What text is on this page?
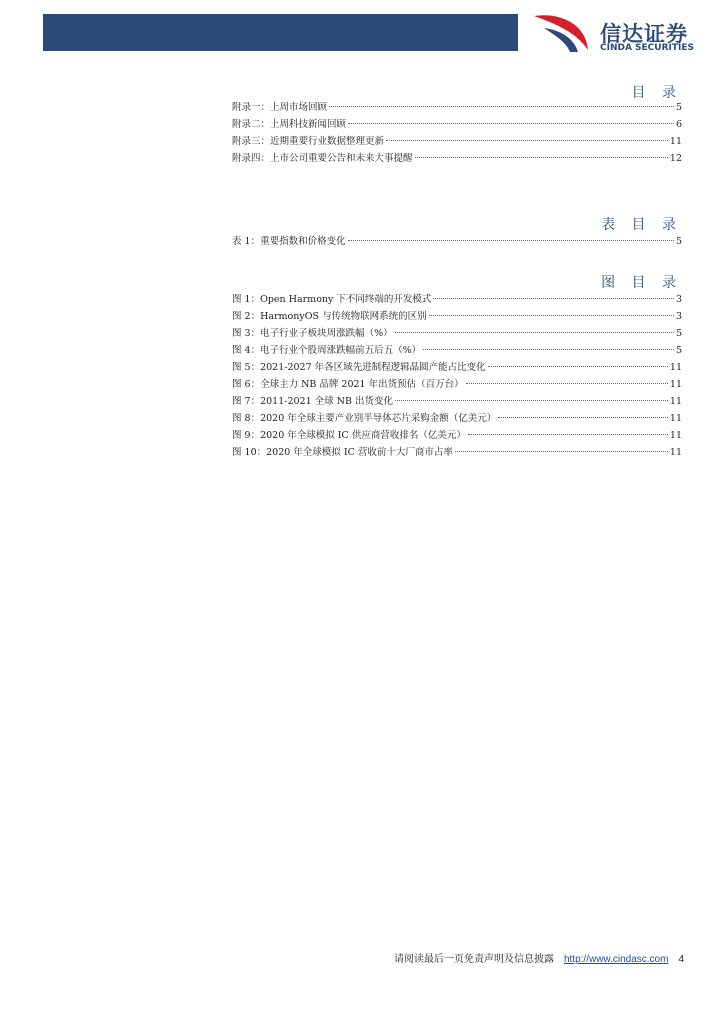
信达证券
CINDA SECURITIES
目 录
附录一：上周市场回顾	5
附录二：上周科技新闻回顾	6
附录三：近期重要行业数据整理更新	11
附录四：上市公司重要公告和未来大事提醒	12
表 目 录
表 1：重要指数和价格变化	5
图 目 录
图 1：Open Harmony 下不同终端的开发模式	3
图 2：HarmonyOS 与传统物联网系统的区别	3
图 3：电子行业子板块周涨跌幅（%）	5
图 4：电子行业个股周涨跌幅前五后五（%）	5
图 5：2021-2027 年各区域先进制程逻辑晶圆产能占比变化	11
图 6：全球主力 NB 品牌 2021 年出货预估（百万台）	11
图 7：2011-2021 全球 NB 出货变化	11
图 8：2020 年全球主要产业别半导体芯片采购金额（亿美元）	11
图 9：2020 年全球模拟 IC 供应商营收排名（亿美元）	11
图 10：2020 年全球模拟 IC 营收前十大厂商市占率	11
请阅读最后一页免责声明及信息披露 http://www.cindasc.com 4
